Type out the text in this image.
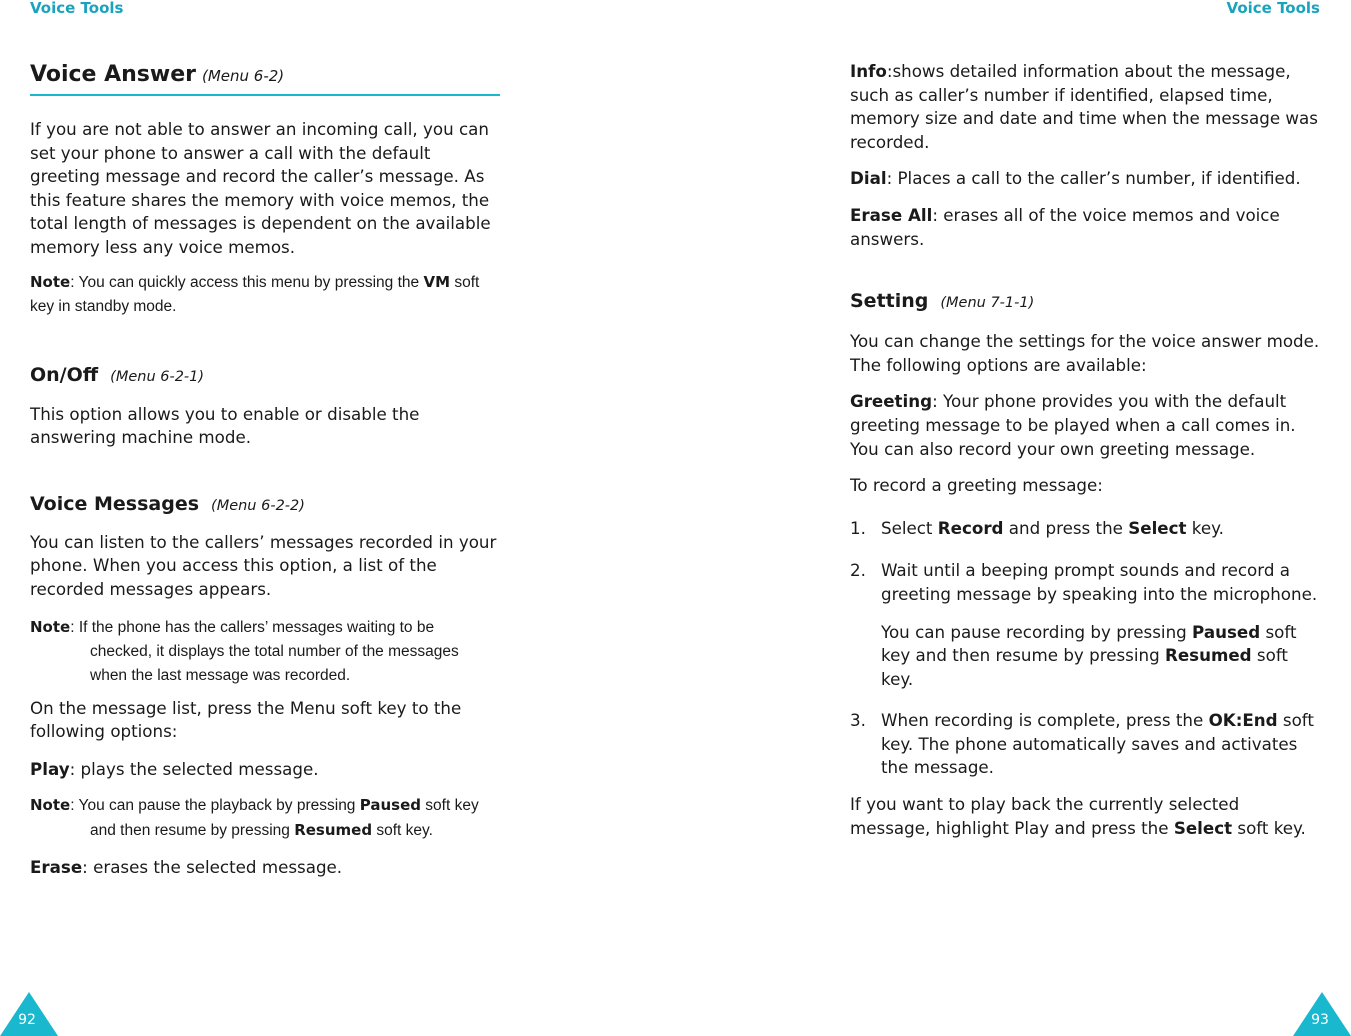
Voice Tools
Voice Answer (Menu 6-2)

If you are not able to answer an incoming call, you can set your phone to answer a call with the default greeting message and record the caller’s message. As this feature shares the memory with voice memos, the total length of messages is dependent on the available memory less any voice memos.

Note: You can quickly access this menu by pressing the VM soft key in standby mode.

On/Off (Menu 6-2-1)

This option allows you to enable or disable the answering machine mode.

Voice Messages (Menu 6-2-2)

You can listen to the callers’ messages recorded in your phone. When you access this option, a list of the recorded messages appears.

Note: If the phone has the callers’ messages waiting to be checked, it displays the total number of the messages when the last message was recorded.

On the message list, press the Menu soft key to the following options:

Play: plays the selected message.

Note: You can pause the playback by pressing Paused soft key and then resume by pressing Resumed soft key.

Erase: erases the selected message.

92
Voice Tools

Info:shows detailed information about the message, such as caller’s number if identified, elapsed time, memory size and date and time when the message was recorded.

Dial: Places a call to the caller’s number, if identified.

Erase All: erases all of the voice memos and voice answers.

Setting (Menu 7-1-1)

You can change the settings for the voice answer mode. The following options are available:

Greeting: Your phone provides you with the default greeting message to be played when a call comes in. You can also record your own greeting message.

To record a greeting message:

1. Select Record and press the Select key.

2. Wait until a beeping prompt sounds and record a greeting message by speaking into the microphone.

You can pause recording by pressing Paused soft key and then resume by pressing Resumed soft key.

3. When recording is complete, press the OK:End soft key. The phone automatically saves and activates the message.

If you want to play back the currently selected message, highlight Play and press the Select soft key.

93
